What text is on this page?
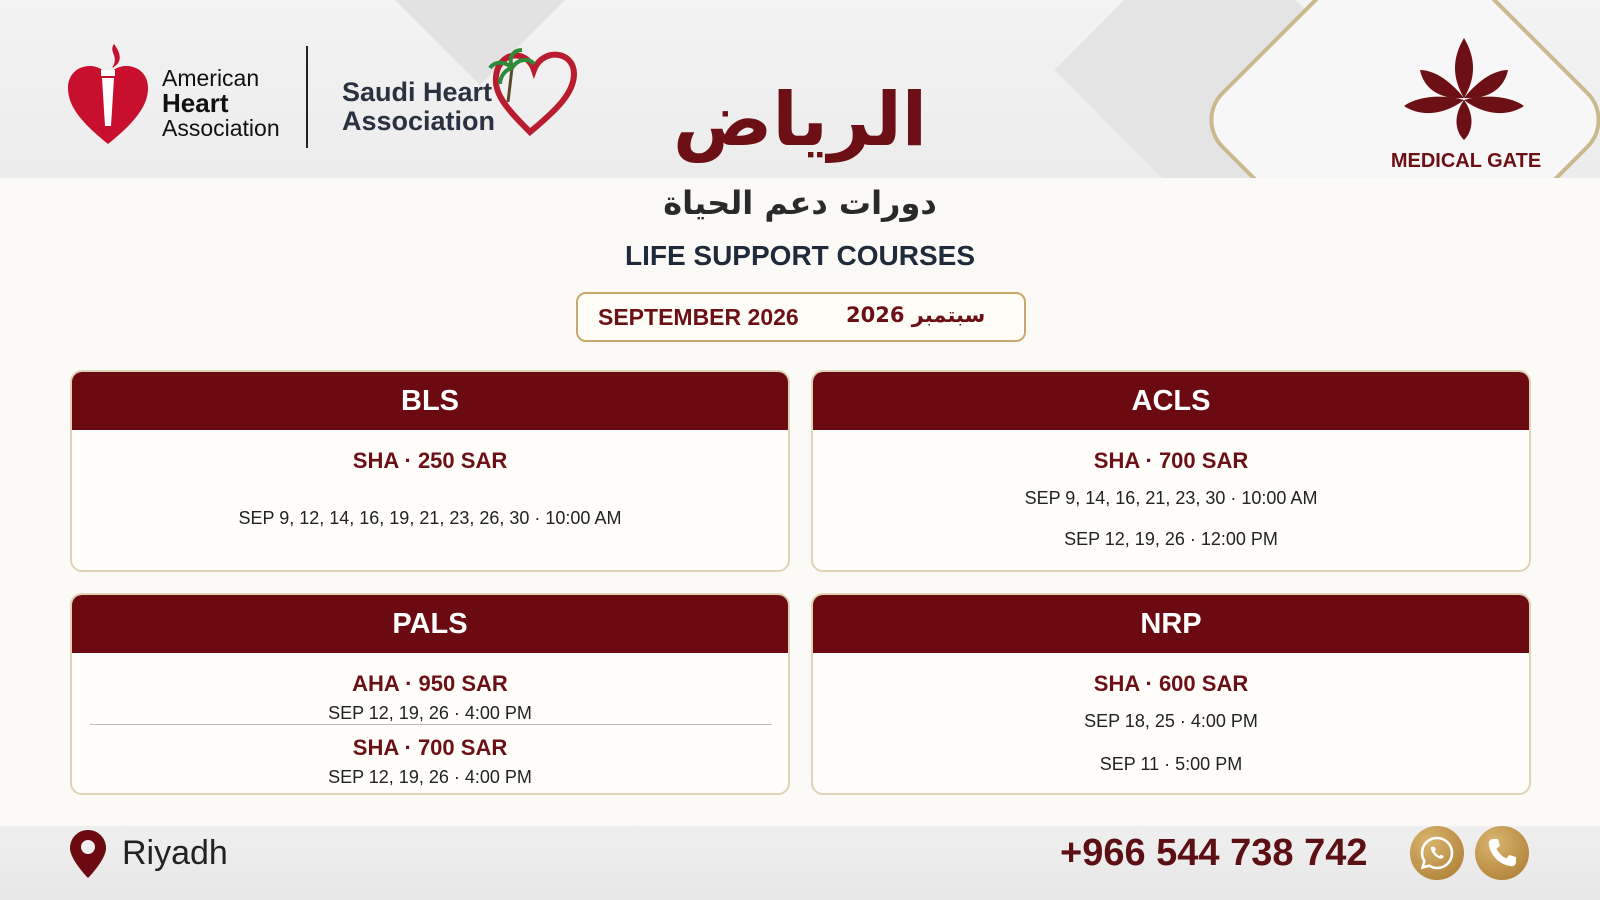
American
Heart
Association
Saudi Heart
Association	الرياض	MEDICAL GATE
دورات دعم الحياة
LIFE SUPPORT COURSES
SEPTEMBER 2026 سبتمبر 2026
BLS
SHA · 250 SAR
SEP 9, 12, 14, 16, 19, 21, 23, 26, 30 · 10:00 AM
ACLS
SHA · 700 SAR
SEP 9, 14, 16, 21, 23, 30 · 10:00 AM
SEP 12, 19, 26 · 12:00 PM
PALS
AHA · 950 SAR
SEP 12, 19, 26 · 4:00 PM
SHA · 700 SAR
SEP 12, 19, 26 · 4:00 PM
NRP
SHA · 600 SAR
SEP 18, 25 · 4:00 PM
SEP 11 · 5:00 PM
Riyadh	+966 544 738 742
